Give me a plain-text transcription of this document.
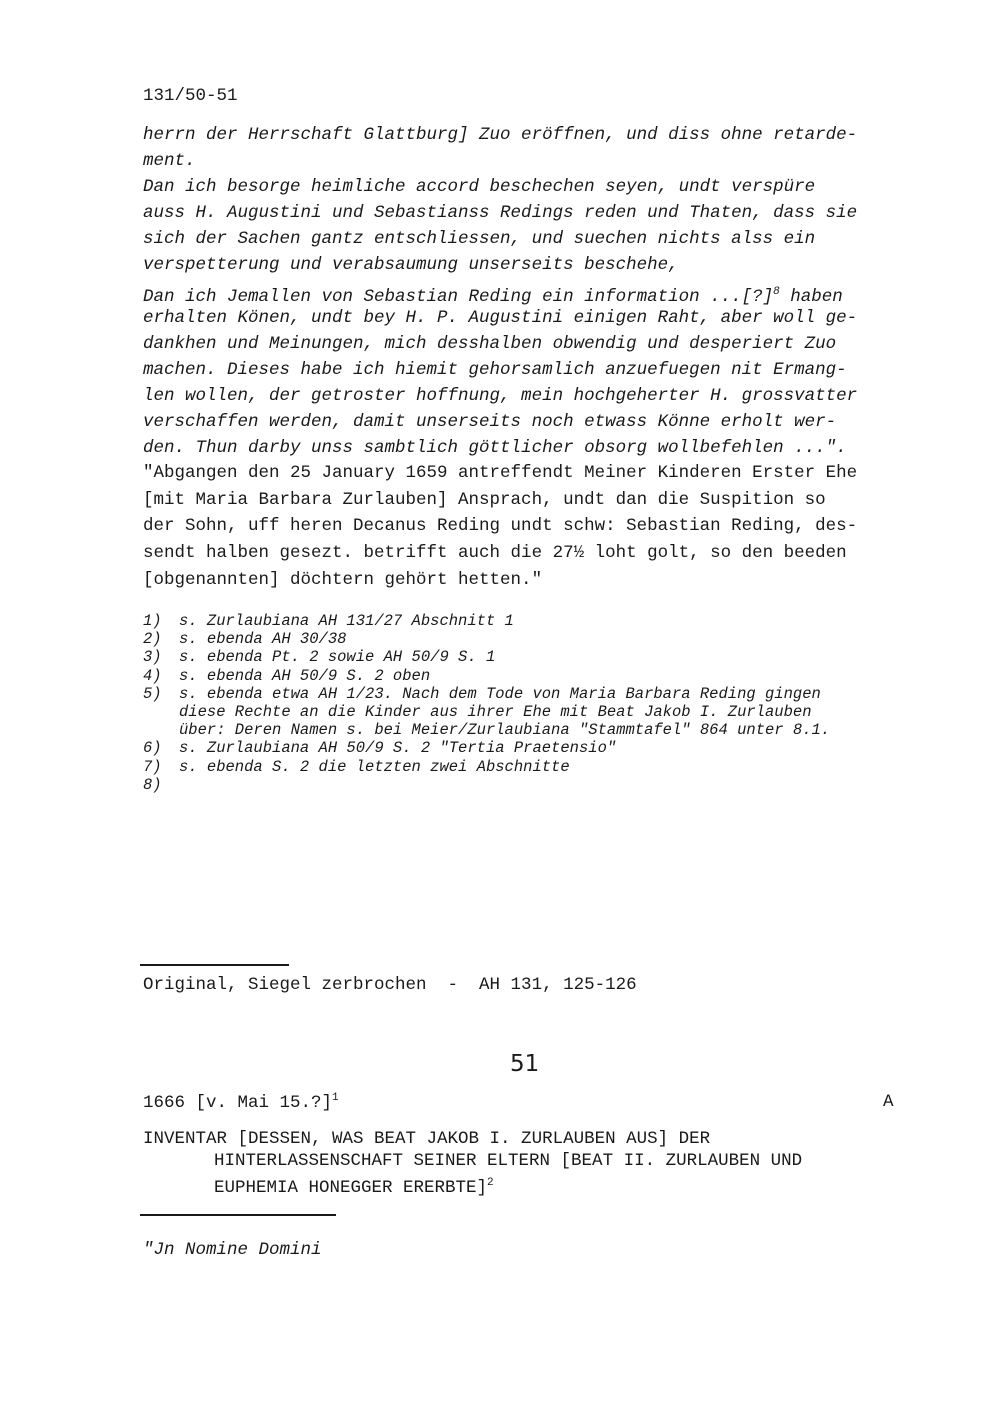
131/50-51
herrn der Herrschaft Glattburg] Zuo eröffnen, und diss ohne retarde-
ment.
Dan ich besorge heimliche accord beschechen seyen, undt verspüre
auss H. Augustini und Sebastianss Redings reden und Thaten, dass sie
sich der Sachen gantz entschliessen, und suechen nichts alss ein
verspetterung und verabsaumung unserseits beschehe,
Dan ich Jemallen von Sebastian Reding ein information ...[?]$^8$ haben
erhalten Könen, undt bey H. P. Augustini einigen Raht, aber woll ge-
dankhen und Meinungen, mich desshalben obwendig und desperiert Zuo
machen. Dieses habe ich hiemit gehorsamlich anzuefuegen nit Ermang-
len wollen, der getroster hoffnung, mein hochgeherter H. grossvatter
verschaffen werden, damit unserseits noch etwass Könne erholt wer-
den. Thun darby unss sambtlich göttlicher obsorg wollbefehlen ...".
"Abgangen den 25 January 1659 antreffendt Meiner Kinderen Erster Ehe
[mit Maria Barbara Zurlauben] Ansprach, undt dan die Suspition so
der Sohn, uff heren Decanus Reding undt schw: Sebastian Reding, des-
sendt halben gesezt. betrifft auch die 27½ loht golt, so den beeden
[obgenannten] döchtern gehört hetten."
1) s. Zurlaubiana AH 131/27 Abschnitt 1
2) s. ebenda AH 30/38
3) s. ebenda Pt. 2 sowie AH 50/9 S. 1
4) s. ebenda AH 50/9 S. 2 oben
5) s. ebenda etwa AH 1/23. Nach dem Tode von Maria Barbara Reding gingen
diese Rechte an die Kinder aus ihrer Ehe mit Beat Jakob I. Zurlauben
über: Deren Namen s. bei Meier/Zurlaubiana "Stammtafel" 864 unter 8.1.
6) s. Zurlaubiana AH 50/9 S. 2 "Tertia Praetensio"
7) s. ebenda S. 2 die letzten zwei Abschnitte
8)
Original, Siegel zerbrochen  -  AH 131, 125-126
51
1666 [v. Mai 15.?]$^1$	A
INVENTAR [DESSEN, WAS BEAT JAKOB I. ZURLAUBEN AUS] DER
HINTERLASSENSCHAFT SEINER ELTERN [BEAT II. ZURLAUBEN UND
EUPHEMIA HONEGGER ERERBTE]$^2$
"Jn Nomine Domini
